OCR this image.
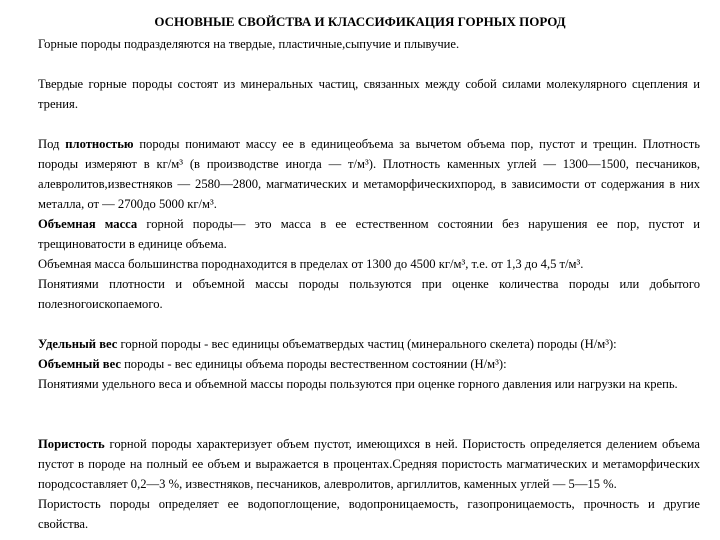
ОСНОВНЫЕ СВОЙСТВА И КЛАССИФИКАЦИЯ ГОРНЫХ ПОРОД

Горные породы подразделяются на твердые, пластичные,сыпучие и плывучие.

Твердые горные породы состоят из минеральных частиц, связанных между собой силами молекулярного сцепления и трения.

Под плотностью породы понимают массу ее в единицеобъема за вычетом объема пор, пустот и трещин. Плотность породы измеряют в кг/м³ (в производстве иногда — т/м³). Плотность каменных углей — 1300—1500, песчаников, алевролитов,известняков — 2580—2800, магматических и метаморфическихпород, в зависимости от содержания в них металла, от — 2700до 5000 кг/м³.

Объемная масса горной породы— это масса в ее естественном состоянии без нарушения ее пор, пустот и трещиноватости в единице объема.

Объемная масса большинства породнаходится в пределах от 1300 до 4500 кг/м³, т.е. от 1,3 до 4,5 т/м³.

Понятиями плотности и объемной массы породы пользуются при оценке количества породы или добытого полезногоископаемого.

Удельный вес горной породы - вес единицы объематвердых частиц (минерального скелета) породы (Н/м³):

Объемный вес породы - вес единицы объема породы вестественном состоянии (Н/м³):

Понятиями удельного веса и объемной массы породы пользуются при оценке горного давления или нагрузки на крепь.

Пористость горной породы характеризует объем пустот, имеющихся в ней. Пористость определяется делением объема пустот в породе на полный ее объем и выражается в процентах.Средняя пористость магматических и метаморфических породсоставляет 0,2—3 %, известняков, песчаников, алевролитов, аргиллитов, каменных углей — 5—15 %.

Пористость породы определяет ее водопоглощение, водопроницаемость, газопроницаемость, прочность и другие свойства.
